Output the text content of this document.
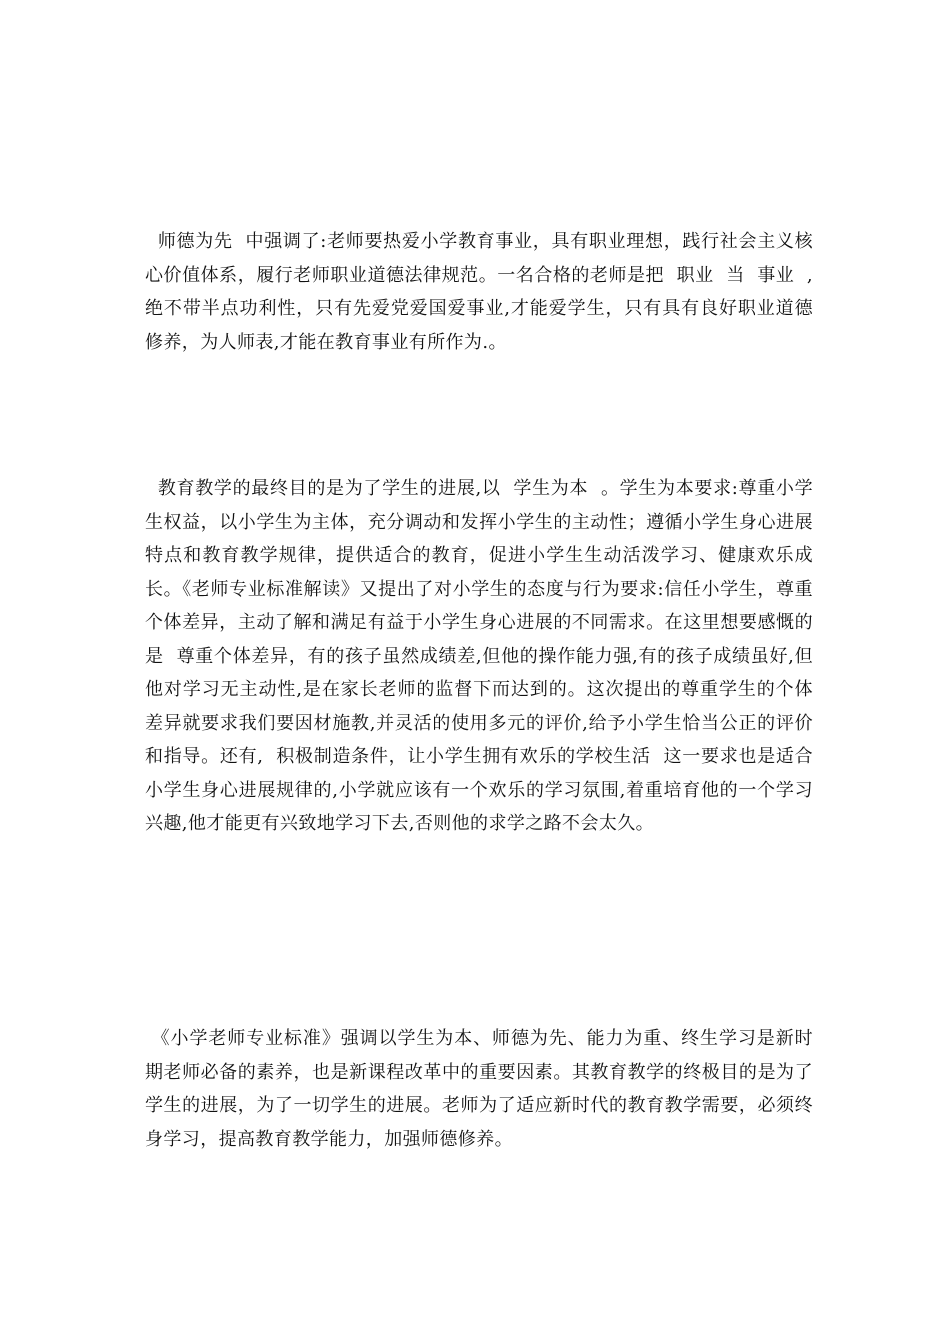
师德为先  中强调了:老师要热爱小学教育事业，具有职业理想，践行社会主义核心价值体系，履行老师职业道德法律规范。一名合格的老师是把  职业  当  事业  ,绝不带半点功利性，只有先爱党爱国爱事业,才能爱学生，只有具有良好职业道德修养，为人师表,才能在教育事业有所作为.。

教育教学的最终目的是为了学生的进展,以  学生为本  。学生为本要求:尊重小学生权益，以小学生为主体，充分调动和发挥小学生的主动性；遵循小学生身心进展特点和教育教学规律，提供适合的教育，促进小学生生动活泼学习、健康欢乐成长。《老师专业标准解读》又提出了对小学生的态度与行为要求:信任小学生，尊重个体差异，主动了解和满足有益于小学生身心进展的不同需求。在这里想要感慨的是  尊重个体差异，有的孩子虽然成绩差,但他的操作能力强,有的孩子成绩虽好,但他对学习无主动性,是在家长老师的监督下而达到的。这次提出的尊重学生的个体差异就要求我们要因材施教,并灵活的使用多元的评价,给予小学生恰当公正的评价和指导。还有,  积极制造条件，让小学生拥有欢乐的学校生活  这一要求也是适合小学生身心进展规律的,小学就应该有一个欢乐的学习氛围,着重培育他的一个学习兴趣,他才能更有兴致地学习下去,否则他的求学之路不会太久。

《小学老师专业标准》强调以学生为本、师德为先、能力为重、终生学习是新时期老师必备的素养，也是新课程改革中的重要因素。其教育教学的终极目的是为了学生的进展，为了一切学生的进展。老师为了适应新时代的教育教学需要，必须终身学习，提高教育教学能力，加强师德修养。
